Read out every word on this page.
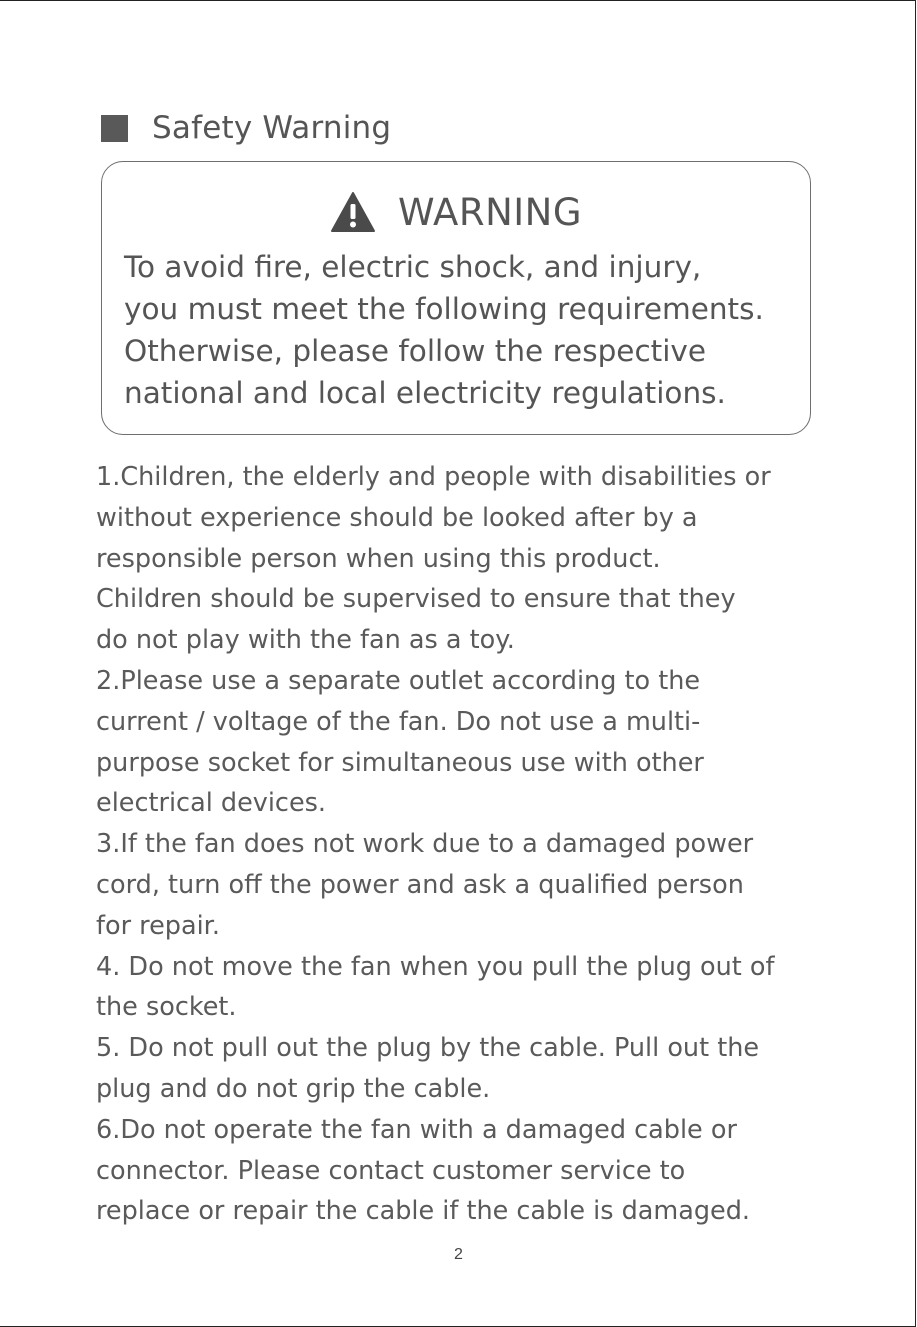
Safety Warning
WARNING

To avoid fire, electric shock, and injury,
you must meet the following requirements.
Otherwise, please follow the respective
national and local electricity regulations.

1.Children, the elderly and people with disabilities or
without experience should be looked after by a
responsible person when using this product.
Children should be supervised to ensure that they
do not play with the fan as a toy.
2.Please use a separate outlet according to the
current / voltage of the fan. Do not use a multi-
purpose socket for simultaneous use with other
electrical devices.
3.If the fan does not work due to a damaged power
cord, turn off the power and ask a qualified person
for repair.
4. Do not move the fan when you pull the plug out of
the socket.
5. Do not pull out the plug by the cable. Pull out the
plug and do not grip the cable.
6.Do not operate the fan with a damaged cable or
connector. Please contact customer service to
replace or repair the cable if the cable is damaged.
2
